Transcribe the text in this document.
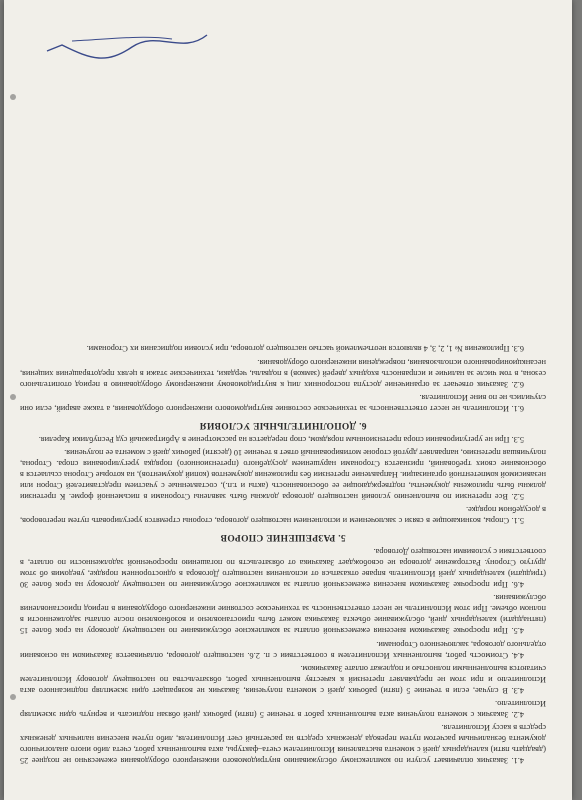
4.1. Заказчик оплачивает услуги по комплексному обслуживанию внутридомового инженерного оборудования ежемесячно не позднее 25 (двадцать пяти) календарных дней с момента выставления Исполнителем счета–фактуры, акта выполненных работ, счета либо иного аналогичного документа безналичным расчетом путем перевода денежных средств на расчетный счет Исполнителя, либо путем внесения наличных денежных средств в кассу Исполнителя.

4.2. Заказчик с момента получения акта выполненных работ в течение 5 (пяти) рабочих дней обязан подписать и вернуть один экземпляр Исполнителю.

4.3. В случае, если в течение 5 (пяти) рабочих дней с момента получения, Заказчик не возвращает один экземпляр подписанного акта Исполнителю и при этом не предъявляет претензий к качеству выполненных работ, обязательства по настоящему договору Исполнителем считаются выполненными полностью и подлежат оплате Заказчиком.

4.4. Стоимость работ, выполненных Исполнителем в соответствии с п. 2.6. настоящего договора, оплачивается Заказчиком на основании отдельного договора, заключенного Сторонами.

4.5. При просрочке Заказчиком внесения ежемесячной оплаты за комплексное обслуживание по настоящему договору на срок более 15 (пятнадцати) календарных дней, обслуживание объекта Заказчика может быть приостановлено и возобновлено после оплаты задолженности в полном объеме. При этом Исполнитель не несет ответственность за техническое состояние инженерного оборудования в период приостановления обслуживания.

4.6. При просрочке Заказчиком внесения ежемесячной оплаты за комплексное обслуживание по настоящему договору на срок более 30 (тридцати) календарных дней Исполнитель вправе отказаться от исполнения настоящего Договора в одностороннем порядке, уведомив об этом другую Сторону. Расторжение договора не освобождает Заказчика от обязательств по погашению просроченной задолженности по оплате, в соответствии с условиями настоящего Договора.

5. РАЗРЕШЕНИЕ СПОРОВ

5.1. Споры, возникающие в связи с заключением и исполнением настоящего договора, стороны стремятся урегулировать путем переговоров, в досудебном порядке.

5.2. Все претензии по выполнению условий настоящего договора должны быть заявлены Сторонами в письменной форме. К претензии должны быть приложены документы, подтверждающие ее обоснованность (акты и т.п.), составленные с участием представителей Сторон или независимой компетентной организации. Направление претензии без приложения документов (копий документов), на которые Сторона ссылается в обоснование своих требований, признается Сторонами нарушением досудебного (претензионного) порядка урегулирования спора. Сторона, получившая претензию, направляет другой стороне мотивированный ответ в течение 10 (десяти) рабочих дней с момента ее получения.

5.3. При не урегулировании спора претензионным порядком, спор передается на рассмотрение в Арбитражный суд Республики Карелия.

6. ДОПОЛНИТЕЛЬНЫЕ УСЛОВИЯ

6.1. Исполнитель не несет ответственность за техническое состояние внутридомового инженерного оборудования, а также аварий, если они случились не по вине Исполнителя.

6.2. Заказчик отвечает за ограничение доступа посторонних лиц к внутридомовому инженерному оборудованию в период отопительного сезона, в том числе за наличие и исправность входных дверей (замков) в подвалы, чердаки, технические этажи в целях предотвращения хищения, несанкционированного использования, повреждения инженерного оборудования.

6.3. Приложения № 1, 2, 3, 4 являются неотъемлемой частью настоящего договора, при условии подписания их Сторонами.
